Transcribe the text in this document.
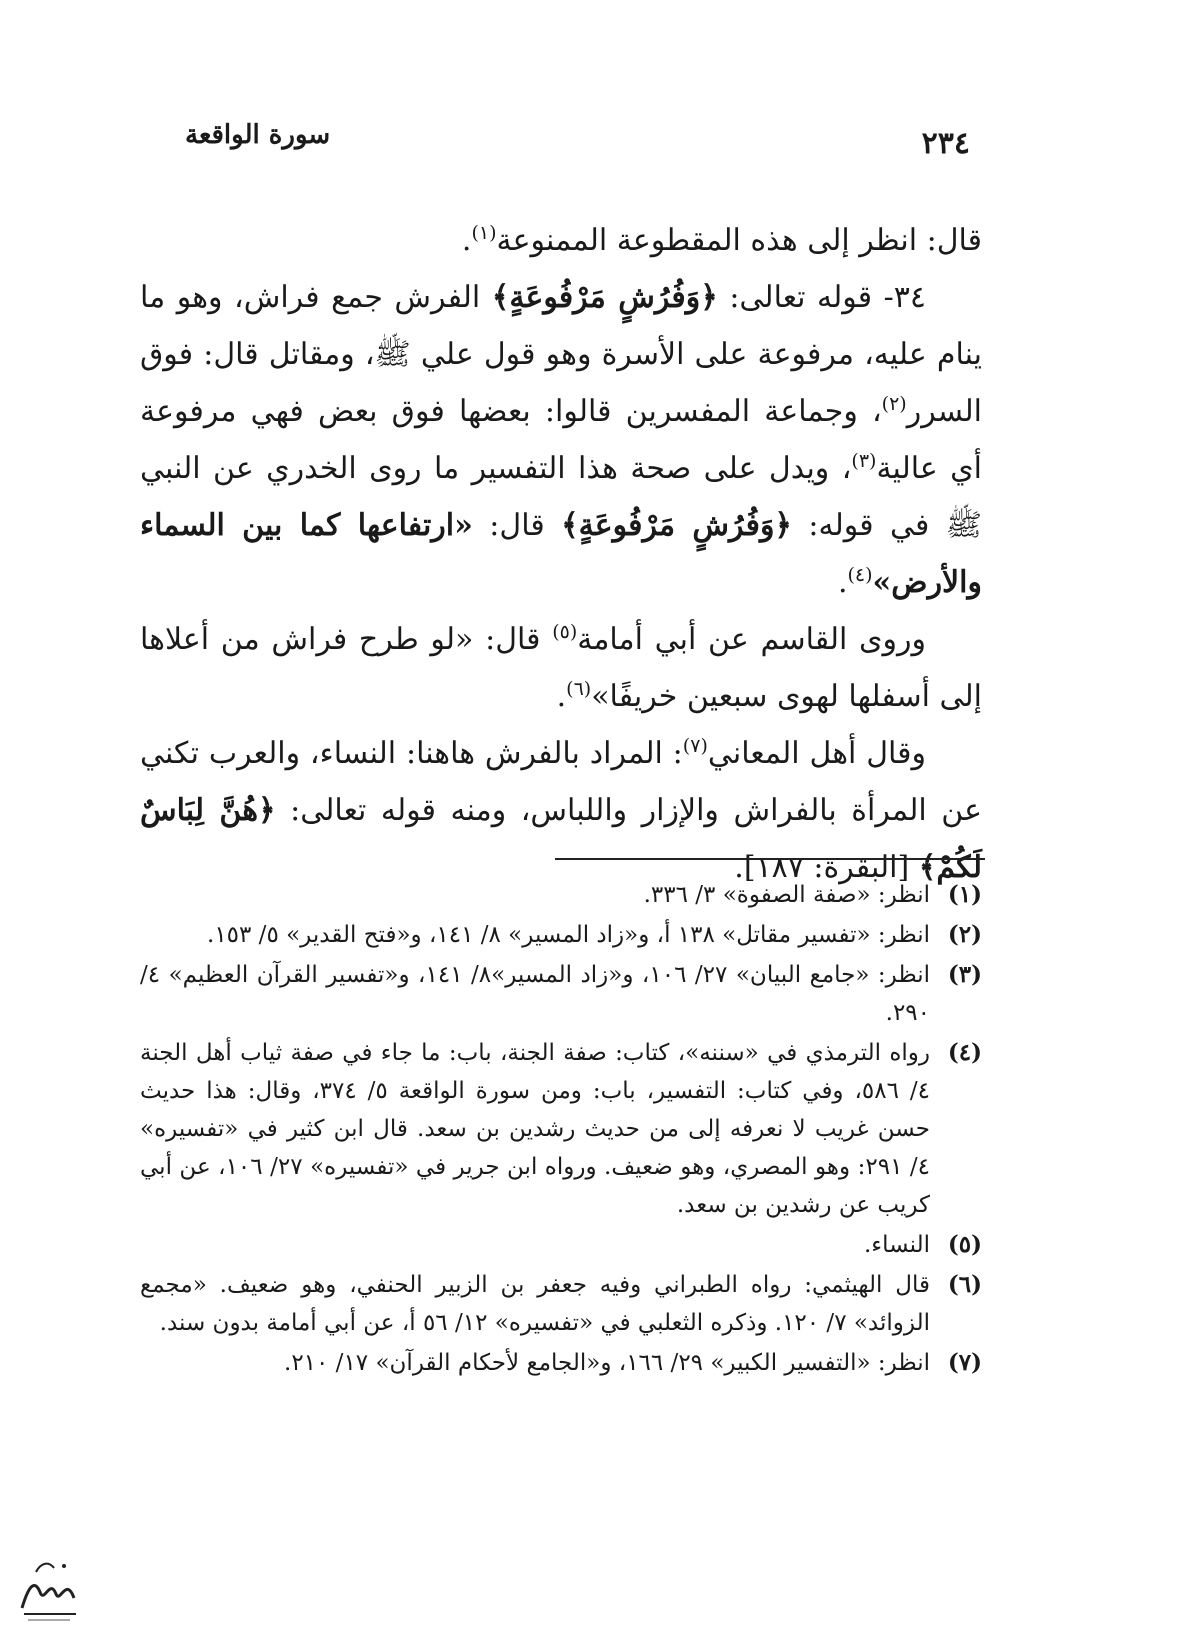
٢٣٤
سورة الواقعة

قال: انظر إلى هذه المقطوعة الممنوعة$^{(١)}$.

٣٤- قوله تعالى: ﴿وَفُرُشٍ مَرْفُوعَةٍ﴾ الفرش جمع فراش، وهو ما ينام عليه، مرفوعة على الأسرة وهو قول علي ﷺ، ومقاتل قال: فوق السرر$^{(٢)}$، وجماعة المفسرين قالوا: بعضها فوق بعض فهي مرفوعة أي عالية$^{(٣)}$، ويدل على صحة هذا التفسير ما روى الخدري عن النبي ﷺ في قوله: ﴿وَفُرُشٍ مَرْفُوعَةٍ﴾ قال: «ارتفاعها كما بين السماء والأرض»$^{(٤)}$.

وروى القاسم عن أبي أمامة$^{(٥)}$ قال: «لو طرح فراش من أعلاها إلى أسفلها لهوى سبعين خريفًا»$^{(٦)}$.

وقال أهل المعاني$^{(٧)}$: المراد بالفرش هاهنا: النساء، والعرب تكني عن المرأة بالفراش والإزار واللباس، ومنه قوله تعالى: ﴿هُنَّ لِبَاسٌ لَكُمْ﴾ [البقرة: ١٨٧].

(١)
انظر: «صفة الصفوة» ٣/ ٣٣٦.
(٢)
انظر: «تفسير مقاتل» ١٣٨ أ، و«زاد المسير» ٨/ ١٤١، و«فتح القدير» ٥/ ١٥٣.
(٣)
انظر: «جامع البيان» ٢٧/ ١٠٦، و«زاد المسير»٨/ ١٤١، و«تفسير القرآن العظيم» ٤/ ٢٩٠.
(٤)
رواه الترمذي في «سننه»، كتاب: صفة الجنة، باب: ما جاء في صفة ثياب أهل الجنة ٤/ ٥٨٦، وفي كتاب: التفسير، باب: ومن سورة الواقعة ٥/ ٣٧٤، وقال: هذا حديث حسن غريب لا نعرفه إلى من حديث رشدين بن سعد. قال ابن كثير في «تفسيره» ٤/ ٢٩١: وهو المصري، وهو ضعيف. ورواه ابن جرير في «تفسيره» ٢٧/ ١٠٦، عن أبي كريب عن رشدين بن سعد.
(٥)
النساء.
(٦)
قال الهيثمي: رواه الطبراني وفيه جعفر بن الزبير الحنفي، وهو ضعيف. «مجمع الزوائد» ٧/ ١٢٠. وذكره الثعلبي في «تفسيره» ١٢/ ٥٦ أ، عن أبي أمامة بدون سند.
(٧)
انظر: «التفسير الكبير» ٢٩/ ١٦٦، و«الجامع لأحكام القرآن» ١٧/ ٢١٠.
